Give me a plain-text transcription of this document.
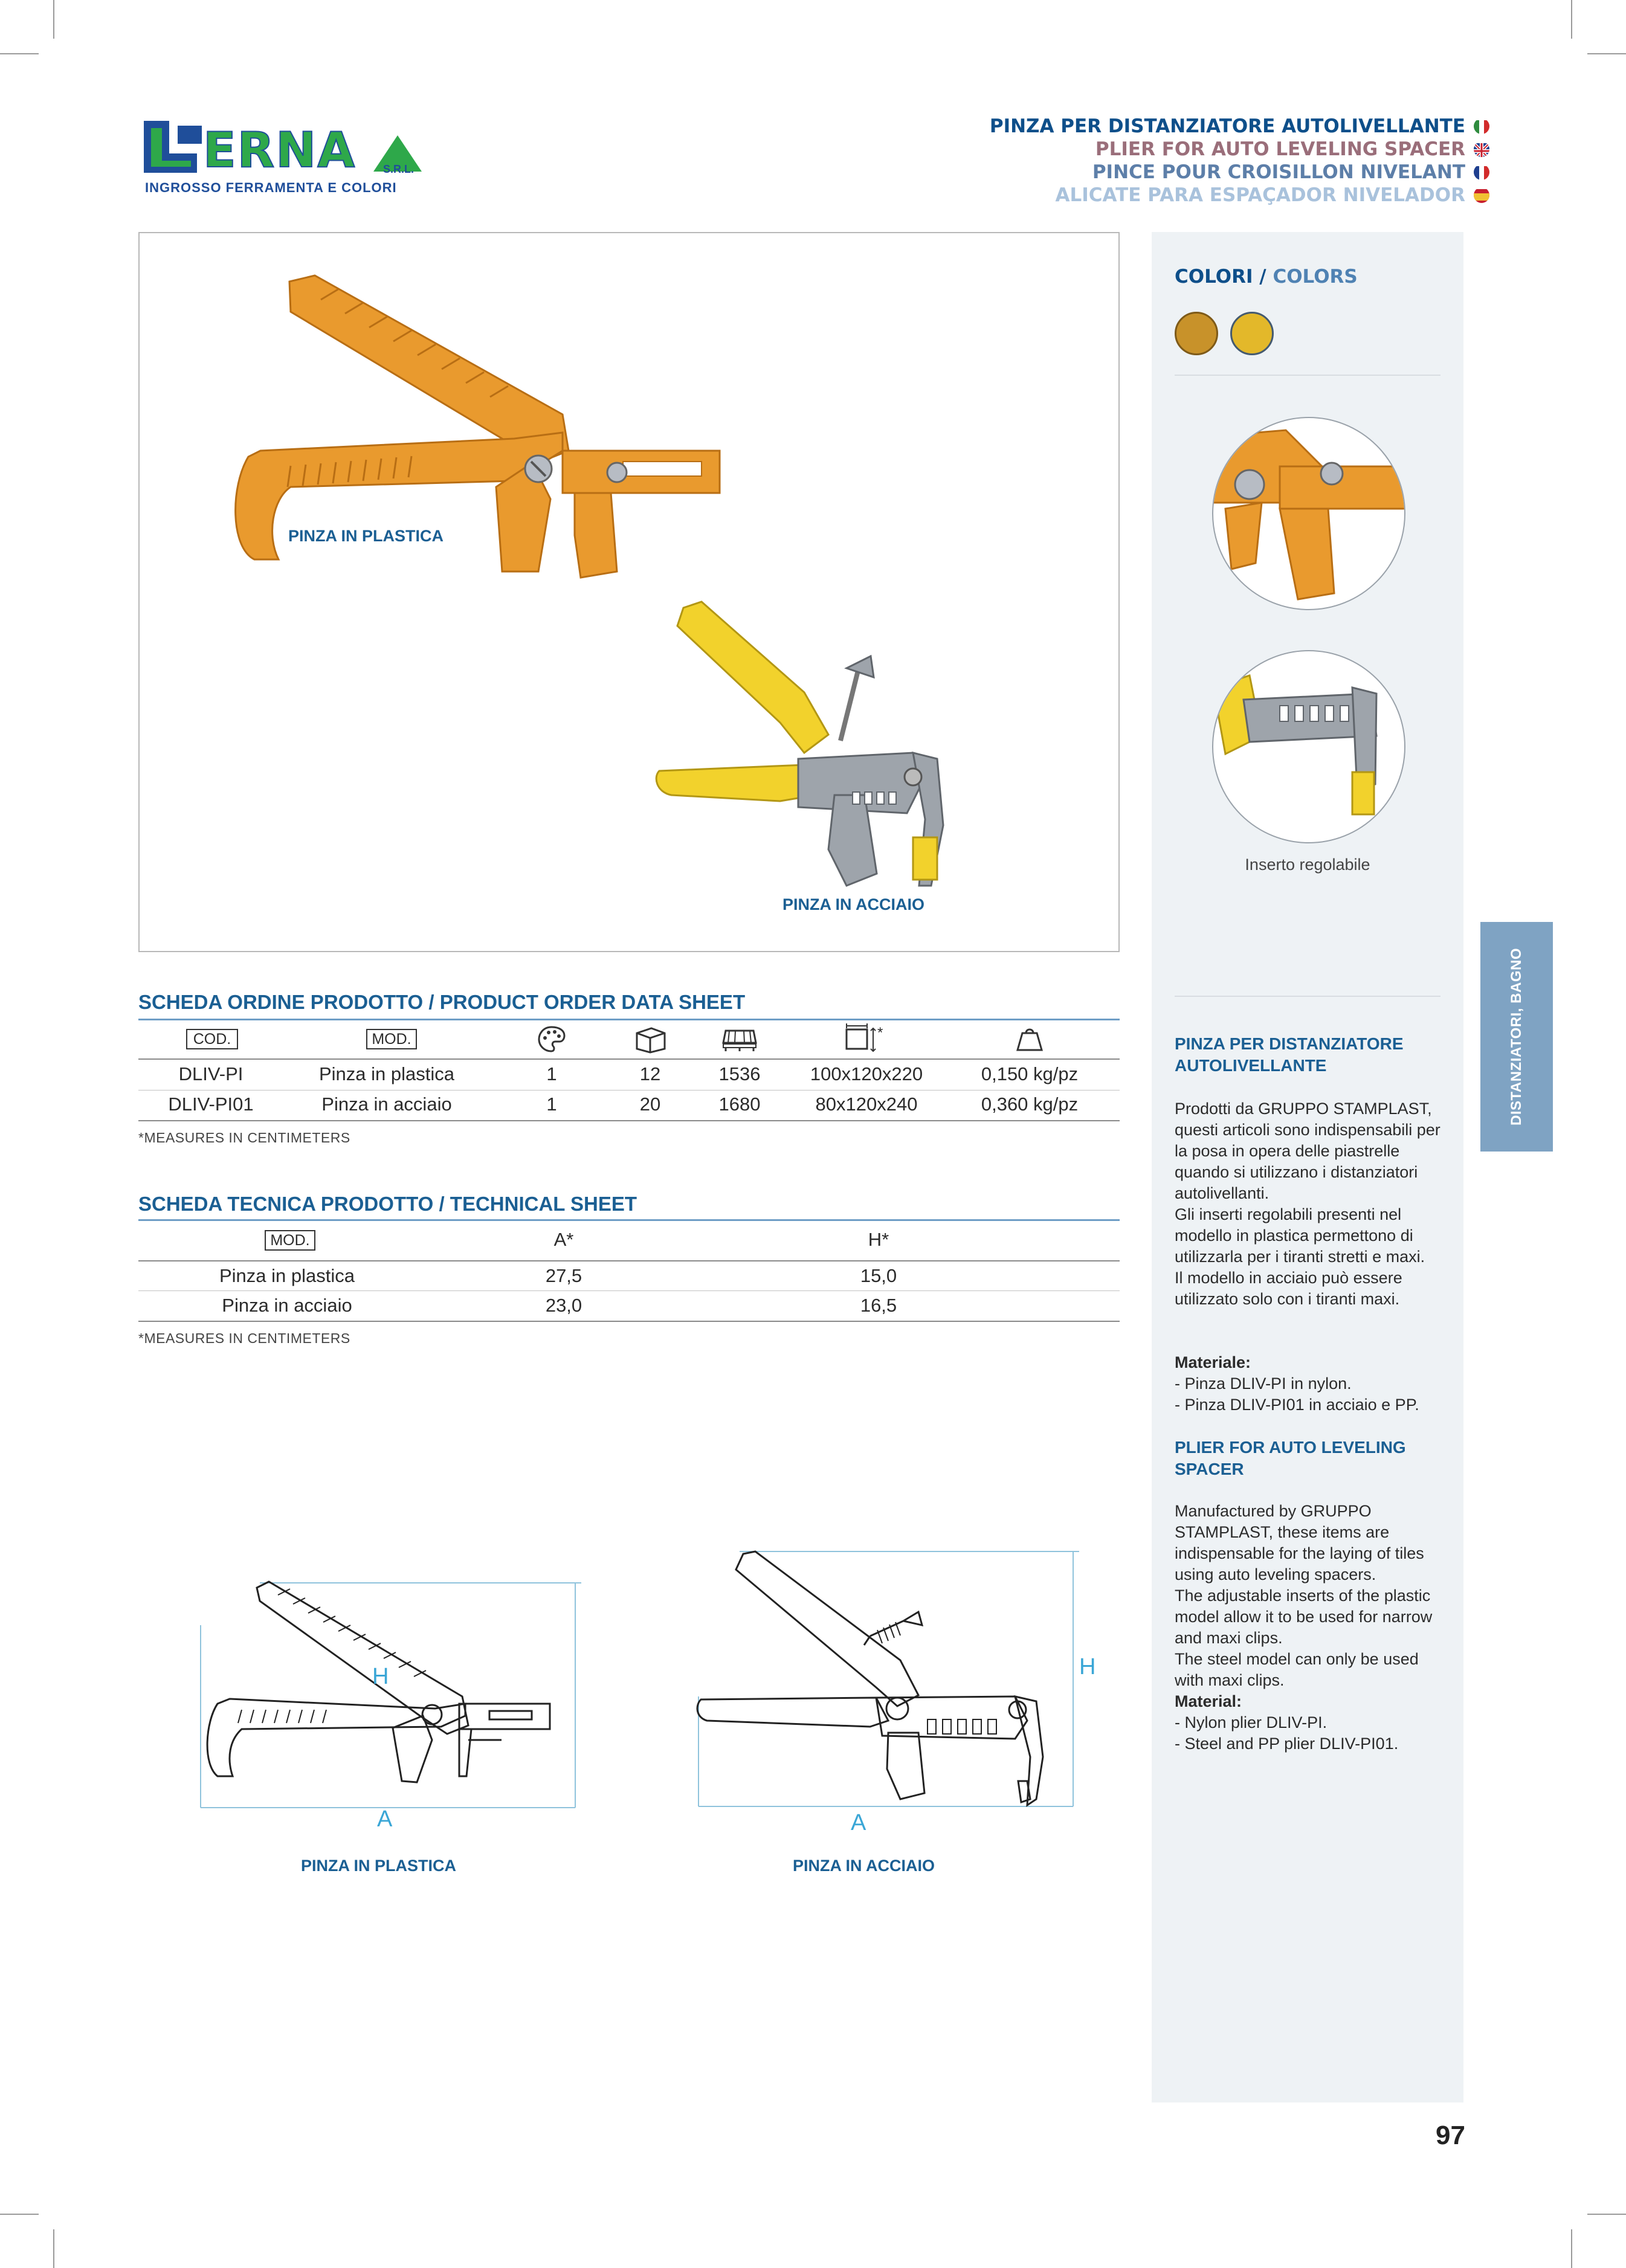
ERNA
INGROSSO FERRAMENTA E COLORI
S.R.L.
PINZA PER DISTANZIATORE AUTOLIVELLANTE
PLIER FOR AUTO LEVELING SPACER
PINCE POUR CROISILLON NIVELANT
ALICATE PARA ESPAÇADOR NIVELADOR
PINZA IN PLASTICA
PINZA IN ACCIAIO
COLORI / COLORS
Inserto regolabile
PINZA PER DISTANZIATORE AUTOLIVELLANTE
Prodotti da GRUPPO STAMPLAST, questi articoli sono indispensabili per la posa in opera delle piastrelle quando si utilizzano i distanziatori autolivellanti.
Gli inserti regolabili presenti nel modello in plastica permettono di utilizzarla per i tiranti stretti e maxi.
Il modello in acciaio può essere utilizzato solo con i tiranti maxi.
Materiale:
- Pinza DLIV-PI in nylon.
- Pinza DLIV-PI01 in acciaio e PP.
PLIER FOR AUTO LEVELING SPACER
Manufactured by GRUPPO STAMPLAST, these items are indispensable for the laying of tiles using auto leveling spacers.
The adjustable inserts of the plastic model allow it to be used for narrow and maxi clips.
The steel model can only be used with maxi clips.
Material:
- Nylon plier DLIV-PI.
- Steel and PP plier DLIV-PI01.
DISTANZIATORI, BAGNO
SCHEDA ORDINE PRODOTTO / PRODUCT ORDER DATA SHEET
COD.	MOD.	*
DLIV-PI	Pinza in plastica	1	12	1536	100x120x220	0,150 kg/pz
DLIV-PI01	Pinza in acciaio	1	20	1680	80x120x240	0,360 kg/pz
*MEASURES IN CENTIMETERS
SCHEDA TECNICA PRODOTTO / TECHNICAL SHEET
MOD.	A*	H*
Pinza in plastica	27,5	15,0
Pinza in acciaio	23,0	16,5
*MEASURES IN CENTIMETERS
H
A
PINZA IN PLASTICA
H
A
PINZA IN ACCIAIO
97
